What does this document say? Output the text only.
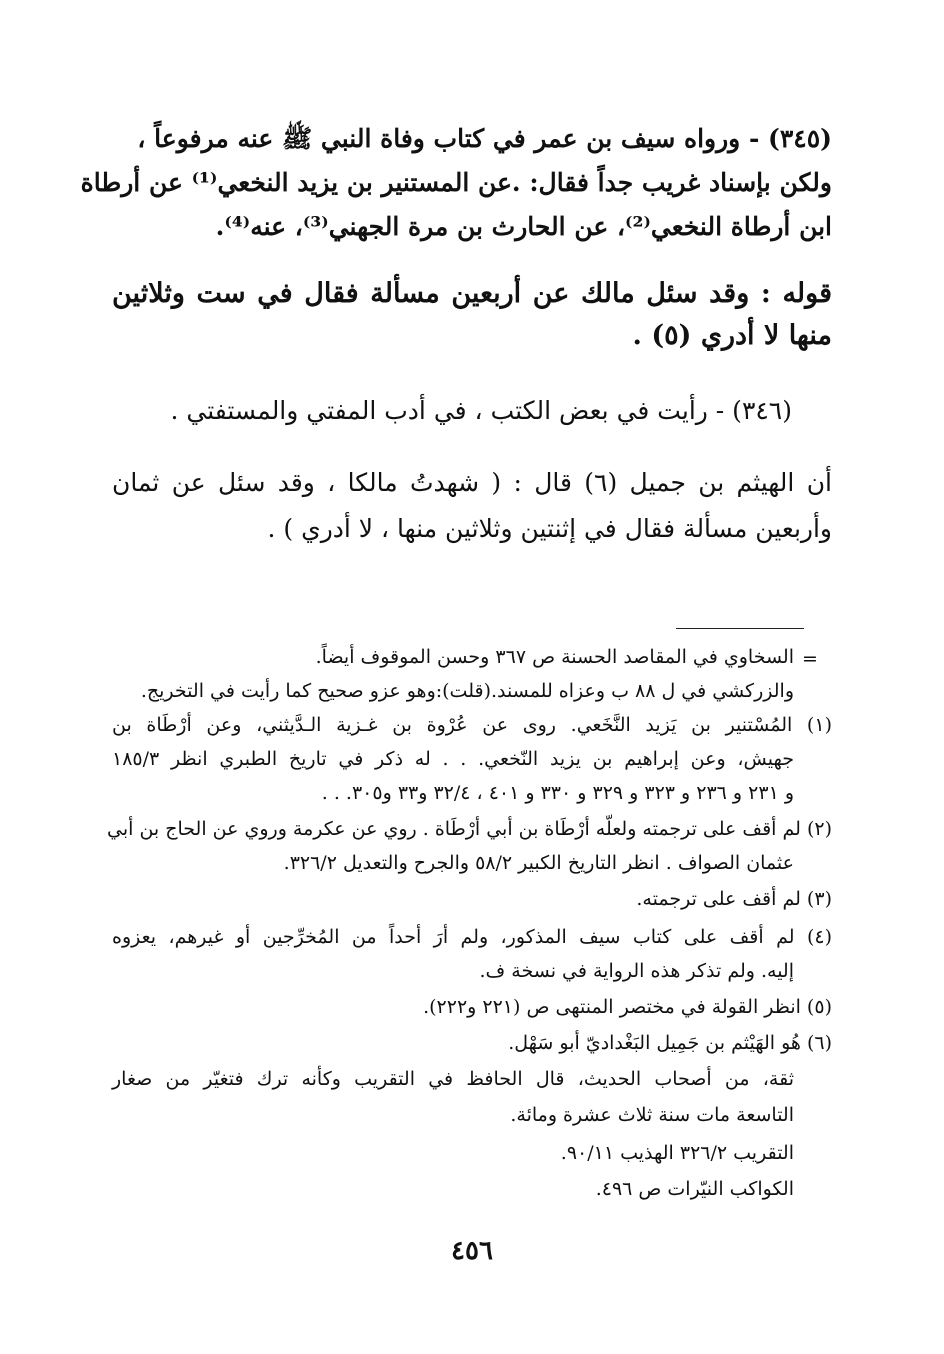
(٣٤٥) - ورواه سيف بن عمر في كتاب وفاة النبي ﷺ عنه مرفوعاً ،
ولكن بإسناد غريب جداً فقال: .عن المستنير بن يزيد النخعي⁽¹⁾ عن أرطاة
ابن أرطاة النخعي⁽²⁾، عن الحارث بن مرة الجهني⁽³⁾، عنه⁽⁴⁾.
قوله : وقد سئل مالك عن أربعين مسألة فقال في ست وثلاثين
منها لا أدري (٥) .
(٣٤٦) - رأيت في بعض الكتب ، في أدب المفتي والمستفتي .
أن الهيثم بن جميل (٦) قال : ( شهدتُ مالكا ، وقد سئل عن ثمان
وأربعين مسألة فقال في إثنتين وثلاثين منها ، لا أدري ) .
=
السخاوي في المقاصد الحسنة ص ٣٦٧ وحسن الموقوف أيضاً.
والزركشي في ل ٨٨ ب وعزاه للمسند.(قلت):وهو عزو صحيح كما رأيت في التخريج.
(١) المُسْتنير بن يَزيد النَّخَعي. روى عن عُرْوة بن غـزية الـدَّيثني، وعن أرْطَاة بن
جهيش، وعن إبراهيم بن يزيد النّخعي. . . له ذكر في تاريخ الطبري انظر ١٨٥/٣
و ٢٣١ و ٢٣٦ و ٣٢٣ و ٣٢٩ و ٣٣٠ و ٤٠١ ، ٣٢/٤ و٣٣ و٣٠٥. . .
(٢) لم أقف على ترجمته ولعلّه أرْطَاة بن أبي أرْطَاة . روي عن عكرمة وروي عن الحاج بن أبي
عثمان الصواف . انظر التاريخ الكبير ٥٨/٢ والجرح والتعديل ٣٢٦/٢.
(٣) لم أقف على ترجمته.
(٤) لم أقف على كتاب سيف المذكور، ولم أرَ أحداً من المُخرِّجين أو غيرهم، يعزوه
إليه. ولم تذكر هذه الرواية في نسخة ف.
(٥) انظر القولة في مختصر المنتهى ص (٢٢١ و٢٢٢).
(٦) هُو الهَيْثم بن جَمِيل البَغْداديّ أبو سَهْل.
ثقة، من أصحاب الحديث، قال الحافظ في التقريب وكأنه ترك فتغيّر من صغار
التاسعة مات سنة ثلاث عشرة ومائة.
التقريب ٣٢٦/٢ الهذيب ٩٠/١١.
الكواكب النيّرات ص ٤٩٦.
٤٥٦
